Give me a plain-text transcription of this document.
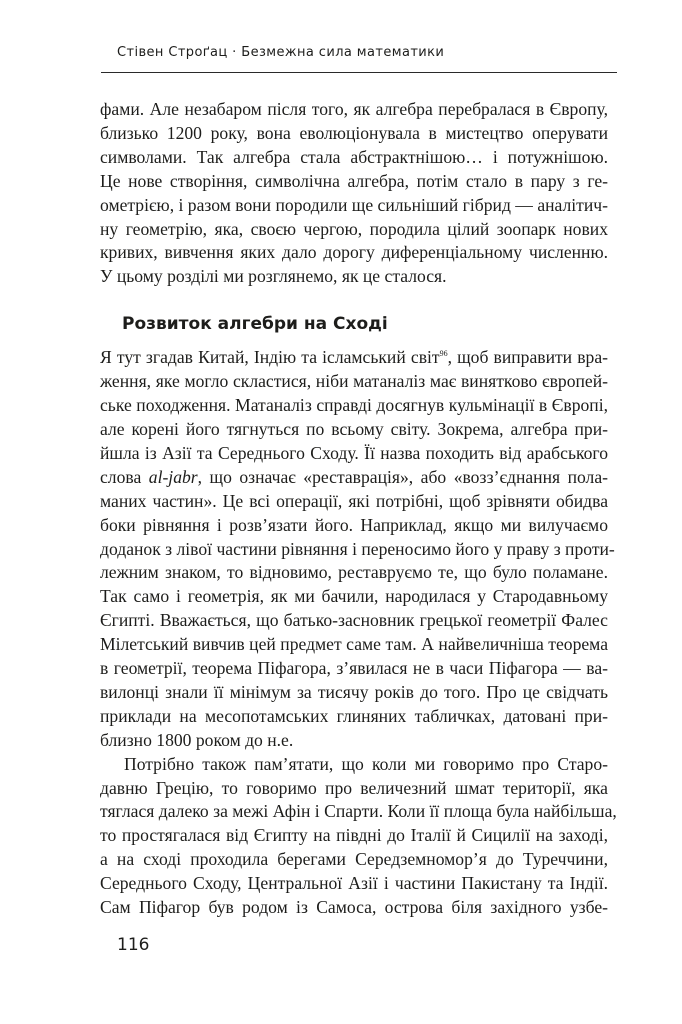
Стівен Строґац · Безмежна сила математики
фами. Але незабаром після того, як алгебра перебралася в Європу,
близько 1200 року, вона еволюціонувала в мистецтво оперувати
символами. Так алгебра стала абстрактнішою… і потужнішою.
Це нове створіння, символічна алгебра, потім стало в пару з ге-
ометрією, і разом вони породили ще сильніший гібрид — аналітич-
ну геометрію, яка, своєю чергою, породила цілий зоопарк нових
кривих, вивчення яких дало дорогу диференціальному численню.
У цьому розділі ми розглянемо, як це сталося.
Розвиток алгебри на Сході
Я тут згадав Китай, Індію та ісламський світ$^{96}$, щоб виправити вра-
ження, яке могло скластися, ніби матаналіз має винятково європей-
ське походження. Матаналіз справді досягнув кульмінації в Європі,
але корені його тягнуться по всьому світу. Зокрема, алгебра при-
йшла із Азії та Середнього Сходу. Її назва походить від арабського
слова al-jabr, що означає «реставрація», або «возз’єднання пола-
маних частин». Це всі операції, які потрібні, щоб зрівняти обидва
боки рівняння і розв’язати його. Наприклад, якщо ми вилучаємо
доданок з лівої частини рівняння і переносимо його у праву з проти-
лежним знаком, то відновимо, реставруємо те, що було поламане.
Так само і геометрія, як ми бачили, народилася у Стародавньому
Єгипті. Вважається, що батько-засновник грецької геометрії Фалес
Мілетський вивчив цей предмет саме там. А найвеличніша теорема
в геометрії, теорема Піфагора, з’явилася не в часи Піфагора — ва-
вилонці знали її мінімум за тисячу років до того. Про це свідчать
приклади на месопотамських глиняних табличках, датовані при-
близно 1800 роком до н.е.
Потрібно також пам’ятати, що коли ми говоримо про Старо-
давню Грецію, то говоримо про величезний шмат території, яка
тяглася далеко за межі Афін і Спарти. Коли її площа була найбільша,
то простягалася від Єгипту на півдні до Італії й Сицилії на заході,
а на сході проходила берегами Середземномор’я до Туреччини,
Середнього Сходу, Центральної Азії і частини Пакистану та Індії.
Сам Піфагор був родом із Самоса, острова біля західного узбе-
116
